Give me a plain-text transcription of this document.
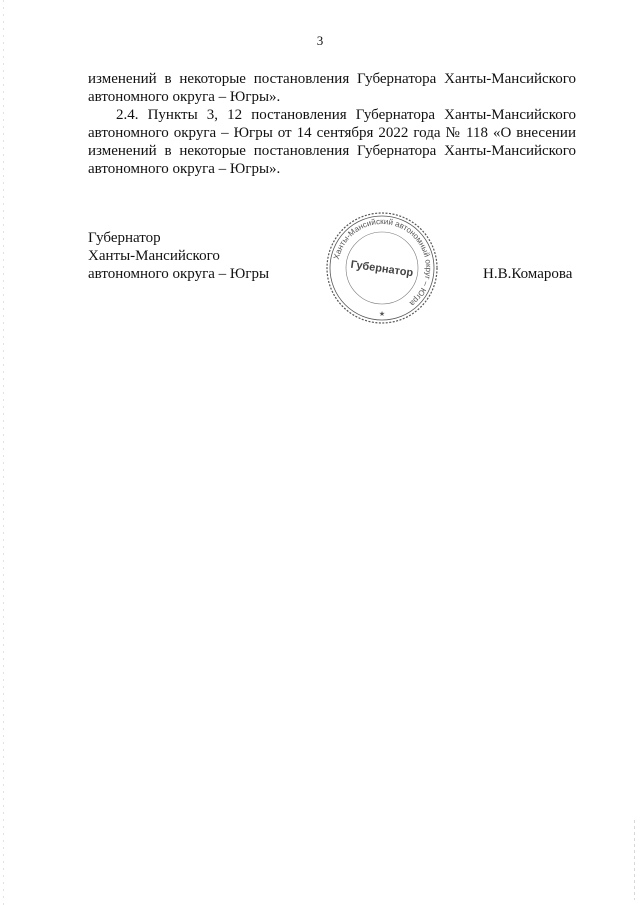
3

изменений в некоторые постановления Губернатора Ханты-Мансийского автономного округа – Югры».

2.4. Пункты 3, 12 постановления Губернатора Ханты-Мансийского автономного округа – Югры от 14 сентября 2022 года № 118 «О внесении изменений в некоторые постановления Губернатора Ханты-Мансийского автономного округа – Югры».

Губернатор
Ханты-Мансийского
автономного округа – Югры
Ханты-Мансийский автономный округ – Югра
Губернатор
★
Н.В.Комарова
